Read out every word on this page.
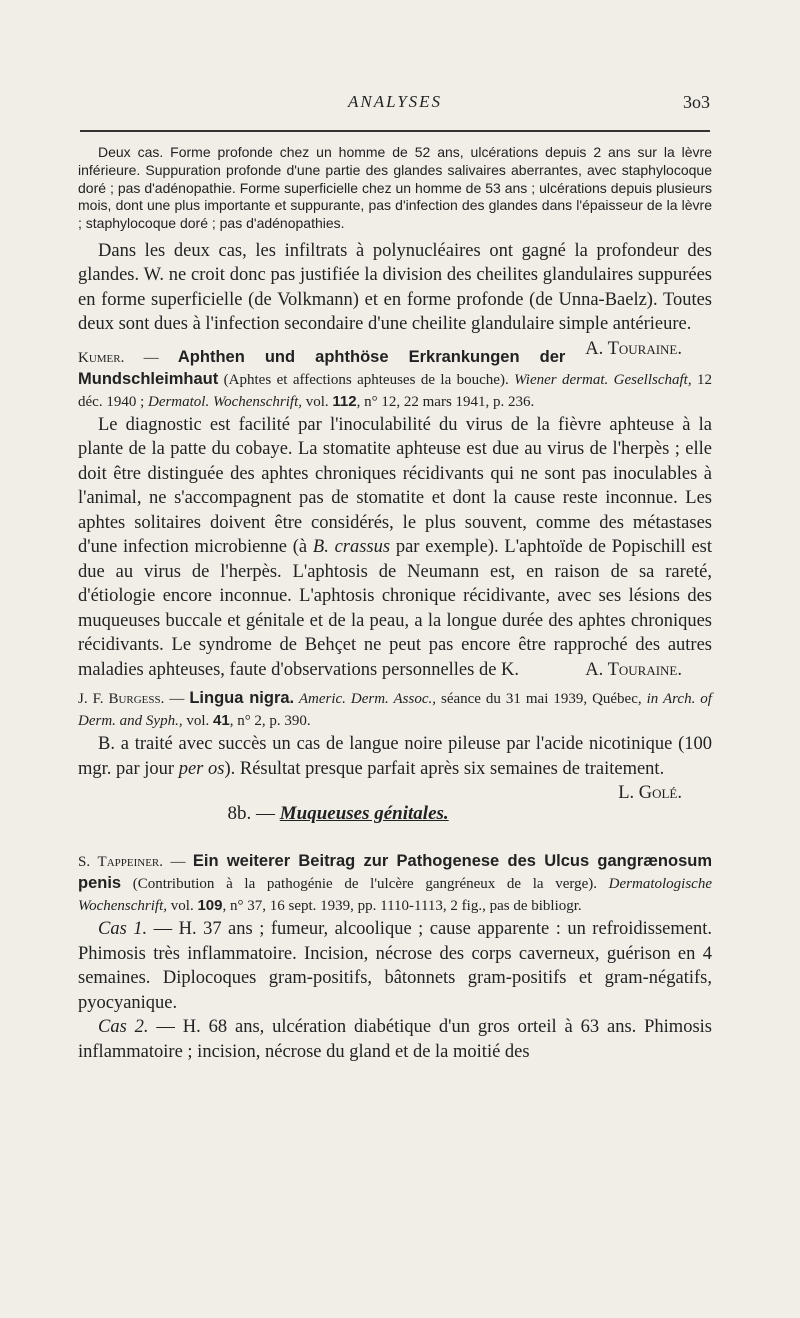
ANALYSES	3o3

Deux cas. Forme profonde chez un homme de 52 ans, ulcérations depuis 2 ans sur la lèvre inférieure. Suppuration profonde d'une partie des glandes salivaires aberrantes, avec staphylocoque doré ; pas d'adénopathie. Forme superficielle chez un homme de 53 ans ; ulcérations depuis plusieurs mois, dont une plus importante et suppurante, pas d'infection des glandes dans l'épaisseur de la lèvre ; staphylocoque doré ; pas d'adénopathies.

Dans les deux cas, les infiltrats à polynucléaires ont gagné la profondeur des glandes. W. ne croit donc pas justifiée la division des cheilites glandulaires suppurées en forme superficielle (de Volkmann) et en forme profonde (de Unna-Baelz). Toutes deux sont dues à l'infection secondaire d'une cheilite glandulaire simple antérieure.
A. Touraine.

Kumer. — Aphthen und aphthöse Erkrankungen der Mundschleimhaut (Aphtes et affections aphteuses de la bouche). Wiener dermat. Gesellschaft, 12 déc. 1940 ; Dermatol. Wochenschrift, vol. 112, n° 12, 22 mars 1941, p. 236.

Le diagnostic est facilité par l'inoculabilité du virus de la fièvre aphteuse à la plante de la patte du cobaye. La stomatite aphteuse est due au virus de l'herpès ; elle doit être distinguée des aphtes chroniques récidivants qui ne sont pas inoculables à l'animal, ne s'accompagnent pas de stomatite et dont la cause reste inconnue. Les aphtes solitaires doivent être considérés, le plus souvent, comme des métastases d'une infection microbienne (à B. crassus par exemple). L'aphtoïde de Popischill est due au virus de l'herpès. L'aphtosis de Neumann est, en raison de sa rareté, d'étiologie encore inconnue. L'aphtosis chronique récidivante, avec ses lésions des muqueuses buccale et génitale et de la peau, a la longue durée des aphtes chroniques récidivants. Le syndrome de Behçet ne peut pas encore être rapproché des autres maladies aphteuses, faute d'observations personnelles de K.	A. Touraine.

J. F. Burgess. — Lingua nigra. Americ. Derm. Assoc., séance du 31 mai 1939, Québec, in Arch. of Derm. and Syph., vol. 41, n° 2, p. 390.

B. a traité avec succès un cas de langue noire pileuse par l'acide nicotinique (100 mgr. par jour per os). Résultat presque parfait après six semaines de traitement.
L. Golé.

8b. — Muqueuses génitales.

S. Tappeiner. — Ein weiterer Beitrag zur Pathogenese des Ulcus gangrænosum penis (Contribution à la pathogénie de l'ulcère gangréneux de la verge). Dermatologische Wochenschrift, vol. 109, n° 37, 16 sept. 1939, pp. 1110-1113, 2 fig., pas de bibliogr.

Cas 1. — H. 37 ans ; fumeur, alcoolique ; cause apparente : un refroidissement. Phimosis très inflammatoire. Incision, nécrose des corps caverneux, guérison en 4 semaines. Diplocoques gram-positifs, bâtonnets gram-positifs et gram-négatifs, pyocyanique.

Cas 2. — H. 68 ans, ulcération diabétique d'un gros orteil à 63 ans. Phimosis inflammatoire ; incision, nécrose du gland et de la moitié des
